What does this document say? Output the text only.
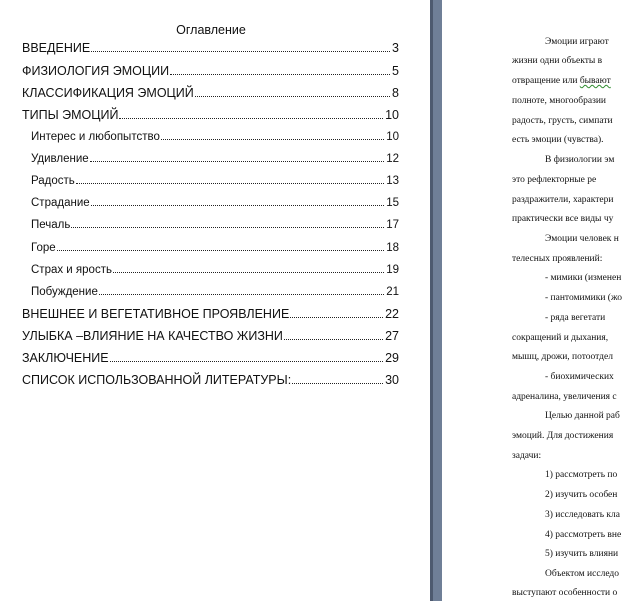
Оглавление
ВВЕДЕНИЕ	3
ФИЗИОЛОГИЯ ЭМОЦИИ	5
КЛАССИФИКАЦИЯ ЭМОЦИЙ	8
ТИПЫ ЭМОЦИЙ	10
Интерес и любопытство	10
Удивление	12
Радость	13
Страдание	15
Печаль	17
Горе	18
Страх и ярость	19
Побуждение	21
ВНЕШНЕЕ И ВЕГЕТАТИВНОЕ ПРОЯВЛЕНИЕ	22
УЛЫБКА –ВЛИЯНИЕ НА КАЧЕСТВО ЖИЗНИ	27
ЗАКЛЮЧЕНИЕ	29
СПИСОК ИСПОЛЬЗОВАННОЙ ЛИТЕРАТУРЫ:	30
Эмоции играют
жизни одни объекты в
отвращение или бывают
полноте, многообразии
радость, грусть, симпати
есть эмоции (чувства).
В физиологии эм
это рефлекторные ре
раздражители, характери
практически все виды чу
Эмоции человек н
телесных проявлений:
- мимики (изменен
- пантомимики (жо
- ряда вегетати
сокращений и дыхания,
мышц, дрожи, потоотдел
- биохимических
адреналина, увеличения с
Целью данной раб
эмоций. Для достижения
задачи:
1) рассмотреть по
2) изучить особен
3) исследовать кла
4) рассмотреть вне
5) изучить влияни
Объектом исследо
выступают особенности о
